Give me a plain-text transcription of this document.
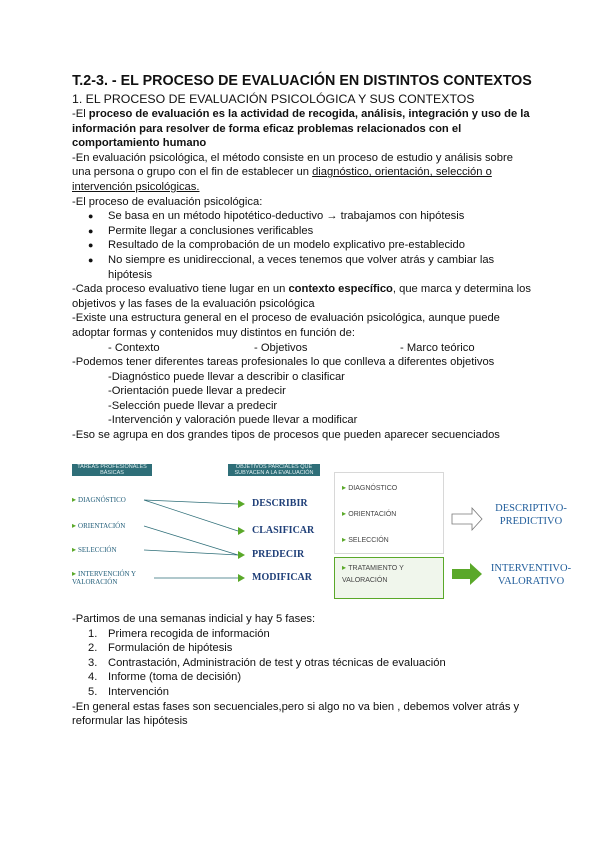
T.2-3. - EL PROCESO DE EVALUACIÓN EN DISTINTOS CONTEXTOS

1. EL PROCESO DE EVALUACIÓN PSICOLÓGICA Y SUS CONTEXTOS

-El proceso de evaluación es la actividad de recogida, análisis, integración y uso de la información para resolver de forma eficaz problemas relacionados con el comportamiento humano

-En evaluación psicológica, el método consiste en un proceso de estudio y análisis sobre una persona o grupo con el fin de establecer un diagnóstico, orientación, selección o intervención psicológicas.

-El proceso de evaluación psicológica:

● Se basa en un método hipotético-deductivo → trabajamos con hipótesis
● Permite llegar a conclusiones verificables
● Resultado de la comprobación de un modelo explicativo pre-establecido
● No siempre es unidireccional, a veces tenemos que volver atrás y cambiar las hipótesis

-Cada proceso evaluativo tiene lugar en un contexto específico, que marca y determina los objetivos y las fases de la evaluación psicológica

-Existe una estructura general en el proceso de evaluación psicológica, aunque puede adoptar formas y contenidos muy distintos en función de:

- Contexto	- Objetivos	- Marco teórico

-Podemos tener diferentes tareas profesionales lo que conlleva a diferentes objetivos

-Diagnóstico puede llevar a describir o clasificar

-Orientación puede llevar a predecir

-Selección puede llevar a predecir

-Intervención y valoración puede llevar a modificar

-Eso se agrupa en dos grandes tipos de procesos que pueden aparecer secuenciados

TAREAS PROFESIONALES BÁSICAS
OBJETIVOS PARCIALES QUE SUBYACEN A LA EVALUACIÓN
▸ DIAGNÓSTICO
▸ ORIENTACIÓN
▸ SELECCIÓN
▸ INTERVENCIÓN Y VALORACIÓN
DESCRIBIR
CLASIFICAR
PREDECIR
MODIFICAR
▸ DIAGNÓSTICO
▸ ORIENTACIÓN
▸ SELECCIÓN
▸ TRATAMIENTO Y VALORACIÓN
DESCRIPTIVO-PREDICTIVO
INTERVENTIVO-VALORATIVO

-Partimos de una semanas indicial y hay 5 fases:

1. Primera recogida de información
2. Formulación de hipótesis
3. Contrastación, Administración de test y otras técnicas de evaluación
4. Informe (toma de decisión)
5. Intervención

-En general estas fases son secuenciales,pero si algo no va bien , debemos volver atrás y reformular las hipótesis
